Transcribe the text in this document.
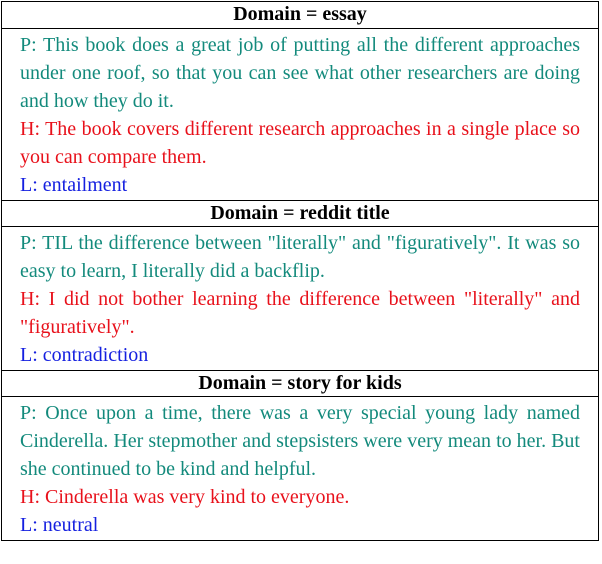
Domain = essay
P: This book does a great job of putting all the different approaches under one roof, so that you can see what other researchers are doing and how they do it.
H: The book covers different research approaches in a single place so you can compare them.
L: entailment
Domain = reddit title
P: TIL the difference between "literally" and "figuratively". It was so easy to learn, I literally did a backflip.
H: I did not bother learning the difference between "literally" and "figuratively".
L: contradiction
Domain = story for kids
P: Once upon a time, there was a very special young lady named Cinderella. Her stepmother and stepsisters were very mean to her. But she continued to be kind and helpful.
H: Cinderella was very kind to everyone.
L: neutral
